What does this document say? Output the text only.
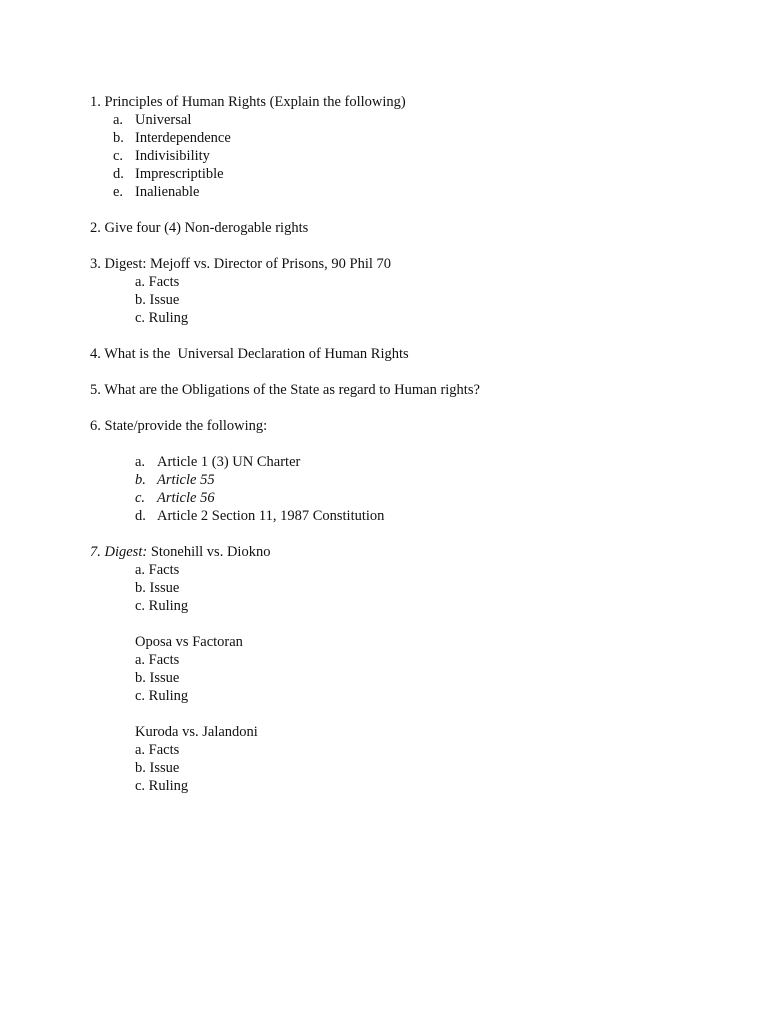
1. Principles of Human Rights (Explain the following)
a. Universal
b. Interdependence
c. Indivisibility
d. Imprescriptible
e. Inalienable
2. Give four (4) Non-derogable rights
3. Digest: Mejoff vs. Director of Prisons, 90 Phil 70
a. Facts
b. Issue
c. Ruling
4. What is the  Universal Declaration of Human Rights
5. What are the Obligations of the State as regard to Human rights?
6. State/provide the following:
a. Article 1 (3) UN Charter
b. Article 55
c. Article 56
d. Article 2 Section 11, 1987 Constitution
7. Digest: Stonehill vs. Diokno
a. Facts
b. Issue
c. Ruling
Oposa vs Factoran
a. Facts
b. Issue
c. Ruling
Kuroda vs. Jalandoni
a. Facts
b. Issue
c. Ruling
